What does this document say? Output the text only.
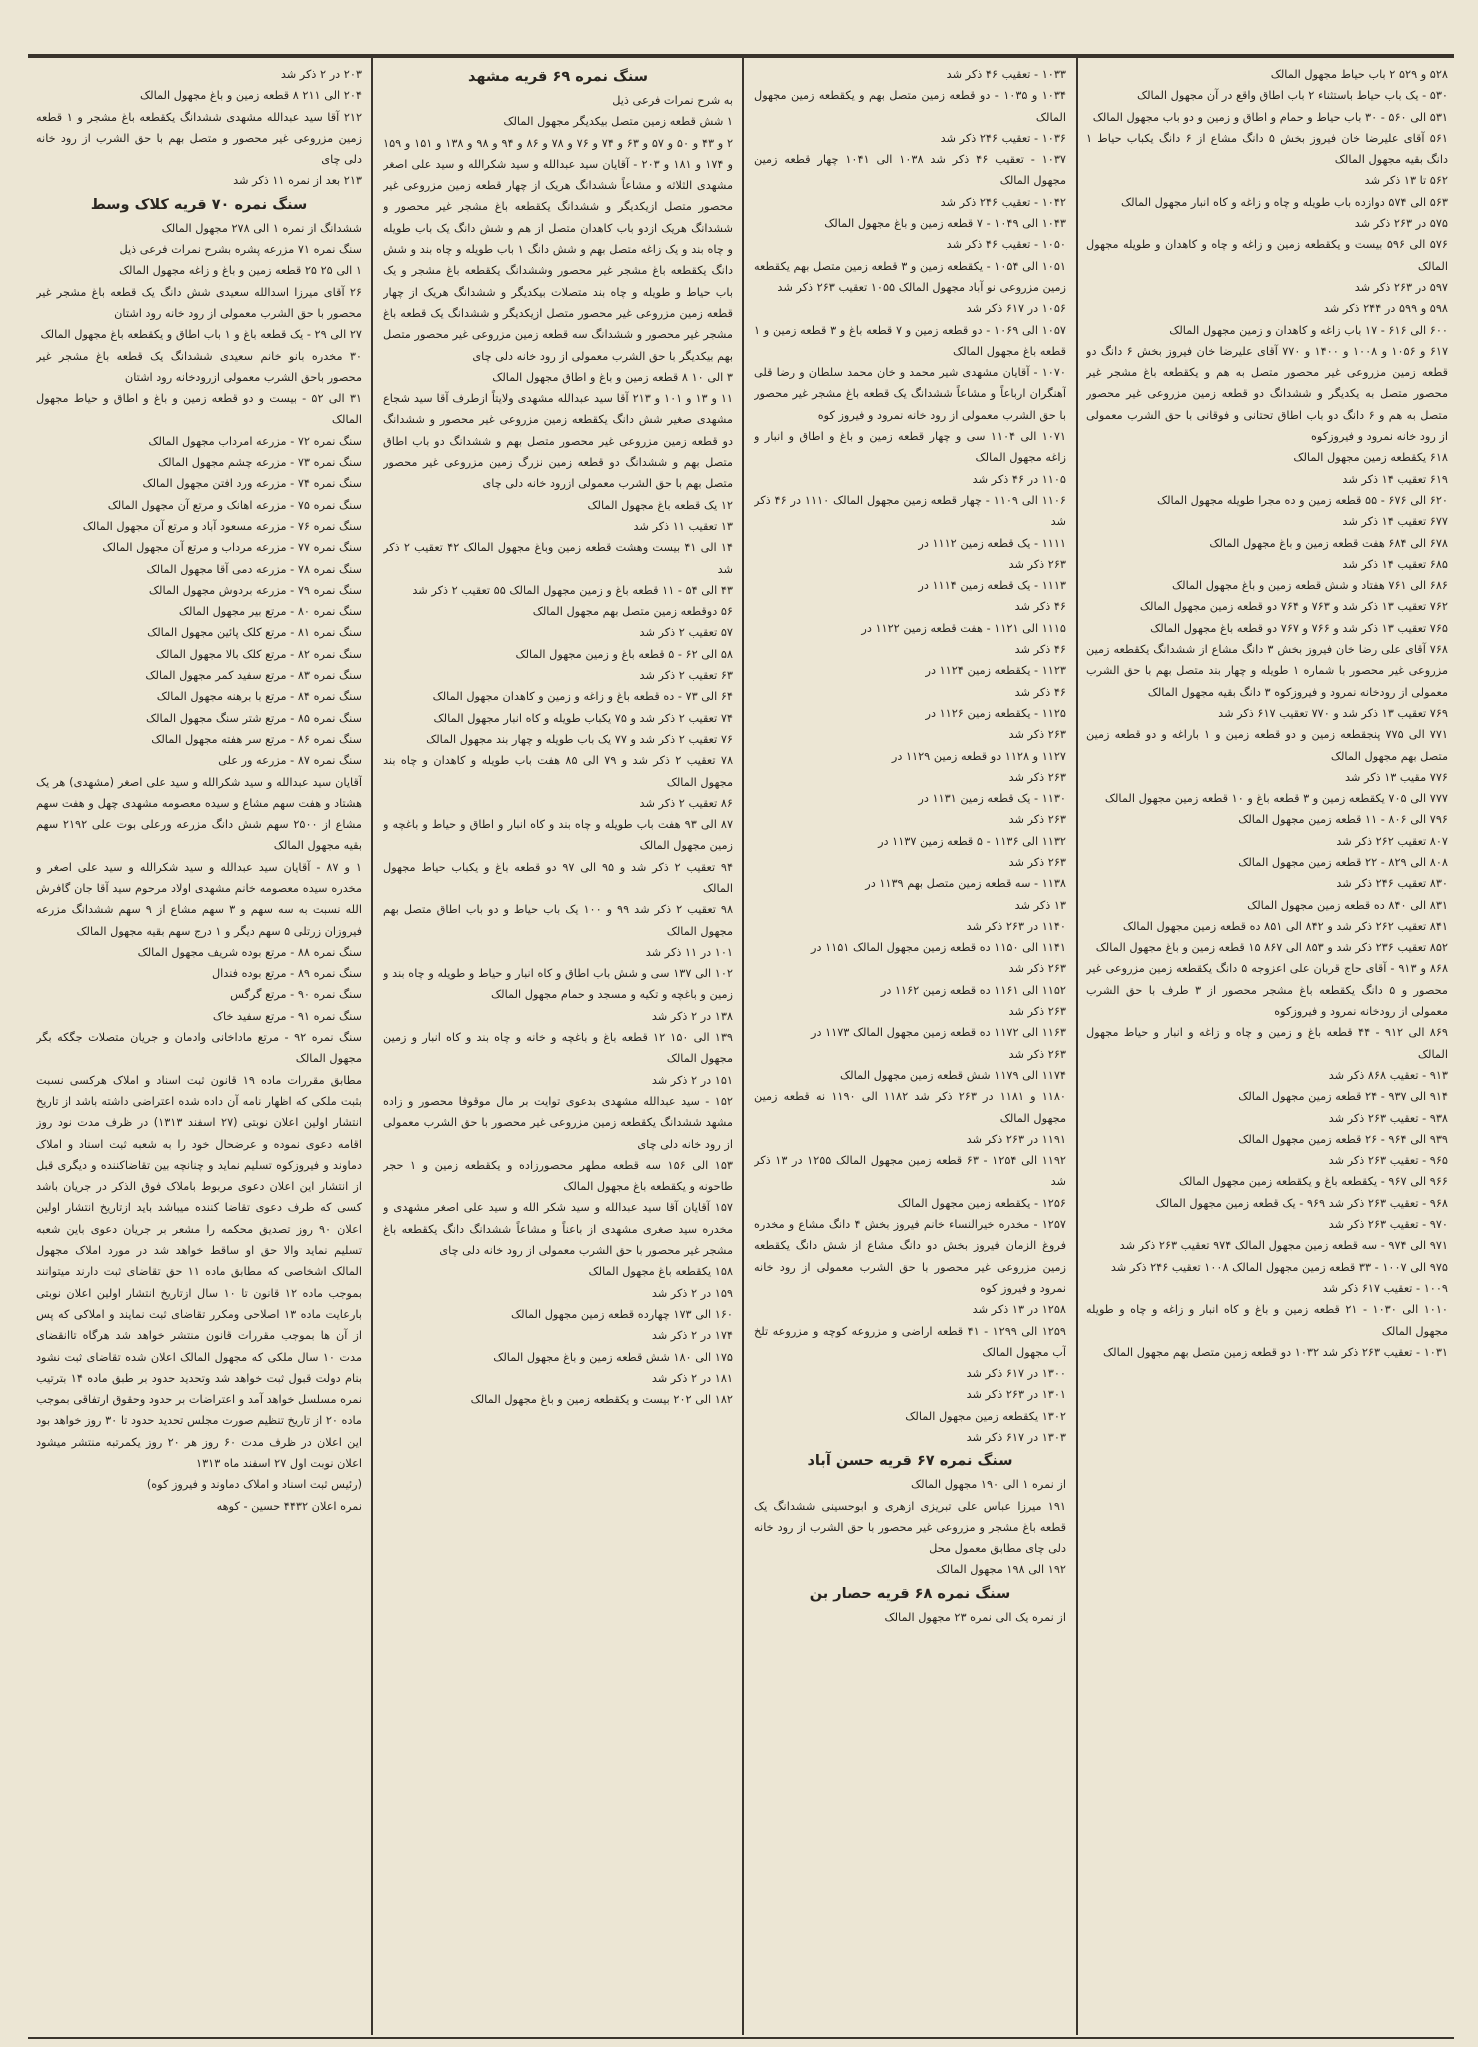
۵۲۸ و ۵۲۹ ۲ باب حیاط مجهول المالک

۵۳۰ - یک باب حیاط باستثناء ۲ باب اطاق واقع در آن مجهول المالک

۵۳۱ الی ۵۶۰ - ۳۰ باب حیاط و حمام و اطاق و زمین و دو باب مجهول المالک

۵۶۱ آقای علیرضا خان فیروز بخش ۵ دانگ مشاع از ۶ دانگ یکباب حیاط ۱ دانگ بقیه مجهول المالک

۵۶۲ تا ۱۳ ذکر شد

۵۶۳ الی ۵۷۴ دوازده باب طویله و چاه و زاغه و کاه انبار مجهول المالک

۵۷۵ در ۲۶۳ ذکر شد

۵۷۶ الی ۵۹۶ بیست و یکقطعه زمین و زاغه و چاه و کاهدان و طویله مجهول المالک

۵۹۷ در ۲۶۳ ذکر شد

۵۹۸ و ۵۹۹ در ۲۴۴ ذکر شد

۶۰۰ الی ۶۱۶ - ۱۷ باب زاغه و کاهدان و زمین مجهول المالک

۶۱۷ و ۱۰۵۶ و ۱۰۰۸ و ۱۴۰۰ و ۷۷۰ آقای علیرضا خان فیروز بخش ۶ دانگ دو قطعه زمین مزروعی غیر محصور متصل به هم و یکقطعه باغ مشجر غیر محصور متصل به یکدیگر و ششدانگ دو قطعه زمین مزروعی غیر محصور متصل به هم و ۶ دانگ دو باب اطاق تحتانی و فوقانی با حق الشرب معمولی از رود خانه نمرود و فیروزکوه

۶۱۸ یکقطعه زمین مجهول المالک

۶۱۹ تعقیب ۱۴ ذکر شد

۶۲۰ الی ۶۷۶ - ۵۵ قطعه زمین و ده مجرا طویله مجهول المالک

۶۷۷ تعقیب ۱۴ ذکر شد

۶۷۸ الی ۶۸۴ هفت قطعه زمین و باغ مجهول المالک

۶۸۵ تعقیب ۱۴ ذکر شد

۶۸۶ الی ۷۶۱ هفتاد و شش قطعه زمین و باغ مجهول المالک

۷۶۲ تعقیب ۱۳ ذکر شد و ۷۶۳ و ۷۶۴ دو قطعه زمین مجهول المالک

۷۶۵ تعقیب ۱۳ ذکر شد و ۷۶۶ و ۷۶۷ دو قطعه باغ مجهول المالک

۷۶۸ آقای علی رضا خان فیروز بخش ۳ دانگ مشاع از ششدانگ یکقطعه زمین مزروعی غیر محصور با شماره ۱ طویله و چهار بند متصل بهم با حق الشرب معمولی از رودخانه نمرود و فیروزکوه ۳ دانگ بقیه مجهول المالک

۷۶۹ تعقیب ۱۳ ذکر شد و ۷۷۰ تعقیب ۶۱۷ ذکر شد

۷۷۱ الی ۷۷۵ پنجقطعه زمین و دو قطعه زمین و ۱ باراغه و دو قطعه زمین متصل بهم مجهول المالک

۷۷۶ مقیب ۱۳ ذکر شد

۷۷۷ الی ۷۰۵ یکقطعه زمین و ۳ قطعه باغ و ۱۰ قطعه زمین مجهول المالک

۷۹۶ الی ۸۰۶ - ۱۱ قطعه زمین مجهول المالک

۸۰۷ تعقیب ۲۶۲ ذکر شد

۸۰۸ الی ۸۲۹ - ۲۲ قطعه زمین مجهول المالک

۸۳۰ تعقیب ۲۴۶ ذکر شد

۸۳۱ الی ۸۴۰ ده قطعه زمین مجهول المالک

۸۴۱ تعقیب ۲۶۲ ذکر شد و ۸۴۲ الی ۸۵۱ ده قطعه زمین مجهول المالک

۸۵۲ تعقیب ۲۳۶ ذکر شد و ۸۵۳ الی ۸۶۷ ۱۵ قطعه زمین و باغ مجهول المالک

۸۶۸ و ۹۱۳ - آقای حاج قربان علی اعزوجه ۵ دانگ یکقطعه زمین مزروعی غیر محصور و ۵ دانگ یکقطعه باغ مشجر محصور از ۳ طرف با حق الشرب معمولی از رودخانه نمرود و فیروزکوه

۸۶۹ الی ۹۱۲ - ۴۴ قطعه باغ و زمین و چاه و زاغه و انبار و حیاط مجهول المالک

۹۱۳ - تعقیب ۸۶۸ ذکر شد

۹۱۴ الی ۹۳۷ - ۲۴ قطعه زمین مجهول المالک

۹۳۸ - تعقیب ۲۶۳ ذکر شد

۹۳۹ الی ۹۶۴ - ۲۶ قطعه زمین مجهول المالک

۹۶۵ - تعقیب ۲۶۳ ذکر شد

۹۶۶ الی ۹۶۷ - یکقطعه باغ و یکقطعه زمین مجهول المالک

۹۶۸ - تعقیب ۲۶۳ ذکر شد ۹۶۹ - یک قطعه زمین مجهول المالک

۹۷۰ - تعقیب ۲۶۳ ذکر شد

۹۷۱ الی ۹۷۴ - سه قطعه زمین مجهول المالک ۹۷۴ تعقیب ۲۶۳ ذکر شد

۹۷۵ الی ۱۰۰۷ - ۳۳ قطعه زمین مجهول المالک ۱۰۰۸ تعقیب ۲۴۶ ذکر شد

۱۰۰۹ - تعقیب ۶۱۷ ذکر شد

۱۰۱۰ الی ۱۰۳۰ - ۲۱ قطعه زمین و باغ و کاه انبار و زاغه و چاه و طویله مجهول المالک

۱۰۳۱ - تعقیب ۲۶۳ ذکر شد ۱۰۳۲ دو قطعه زمین متصل بهم مجهول المالک

۱۰۳۳ - تعقیب ۴۶ ذکر شد

۱۰۳۴ و ۱۰۳۵ - دو قطعه زمین متصل بهم و یکقطعه زمین مجهول المالک

۱۰۳۶ - تعقیب ۲۴۶ ذکر شد

۱۰۳۷ - تعقیب ۴۶ ذکر شد ۱۰۳۸ الی ۱۰۴۱ چهار قطعه زمین مجهول المالک

۱۰۴۲ - تعقیب ۲۴۶ ذکر شد

۱۰۴۳ الی ۱۰۴۹ - ۷ قطعه زمین و باغ مجهول المالک

۱۰۵۰ - تعقیب ۴۶ ذکر شد

۱۰۵۱ الی ۱۰۵۴ - یکقطعه زمین و ۳ قطعه زمین متصل بهم یکقطعه زمین مزروعی نو آباد مجهول المالک ۱۰۵۵ تعقیب ۲۶۳ ذکر شد

۱۰۵۶ در ۶۱۷ ذکر شد

۱۰۵۷ الی ۱۰۶۹ - دو قطعه زمین و ۷ قطعه باغ و ۳ قطعه زمین و ۱ قطعه باغ مجهول المالک

۱۰۷۰ - آقایان مشهدی شیر محمد و خان محمد سلطان و رضا قلی آهنگران ارباعاً و مشاعاً ششدانگ یک قطعه باغ مشجر غیر محصور با حق الشرب معمولی از رود خانه نمرود و فیروز کوه

۱۰۷۱ الی ۱۱۰۴ سی و چهار قطعه زمین و باغ و اطاق و انبار و زاغه مجهول المالک

۱۱۰۵ در ۴۶ ذکر شد

۱۱۰۶ الی ۱۱۰۹ - چهار قطعه زمین مجهول المالک ۱۱۱۰ در ۴۶ ذکر شد

۱۱۱۱ - یک قطعه زمین ۱۱۱۲ در

۲۶۳ ذکر شد

۱۱۱۳ - یک قطعه زمین ۱۱۱۴ در

۴۶ ذکر شد

۱۱۱۵ الی ۱۱۲۱ - هفت قطعه زمین ۱۱۲۲ در

۴۶ ذکر شد

۱۱۲۳ - یکقطعه زمین ۱۱۲۴ در

۴۶ ذکر شد

۱۱۲۵ - یکقطعه زمین ۱۱۲۶ در

۲۶۳ ذکر شد

۱۱۲۷ و ۱۱۲۸ دو قطعه زمین ۱۱۲۹ در

۲۶۳ ذکر شد

۱۱۳۰ - یک قطعه زمین ۱۱۳۱ در

۲۶۳ ذکر شد

۱۱۳۲ الی ۱۱۳۶ - ۵ قطعه زمین ۱۱۳۷ در

۲۶۳ ذکر شد

۱۱۳۸ - سه قطعه زمین متصل بهم ۱۱۳۹ در

۱۳ ذکر شد

۱۱۴۰ در ۲۶۳ ذکر شد

۱۱۴۱ الی ۱۱۵۰ ده قطعه زمین مجهول المالک ۱۱۵۱ در

۲۶۳ ذکر شد

۱۱۵۲ الی ۱۱۶۱ ده قطعه زمین ۱۱۶۲ در

۲۶۳ ذکر شد

۱۱۶۳ الی ۱۱۷۲ ده قطعه زمین مجهول المالک ۱۱۷۳ در

۲۶۳ ذکر شد

۱۱۷۴ الی ۱۱۷۹ شش قطعه زمین مجهول المالک

۱۱۸۰ و ۱۱۸۱ در ۲۶۳ ذکر شد ۱۱۸۲ الی ۱۱۹۰ نه قطعه زمین مجهول المالک

۱۱۹۱ در ۲۶۳ ذکر شد

۱۱۹۲ الی ۱۲۵۴ - ۶۳ قطعه زمین مجهول المالک ۱۲۵۵ در ۱۳ ذکر شد

۱۲۵۶ - یکقطعه زمین مجهول المالک

۱۲۵۷ - مخدره خیرالنساء خانم فیروز بخش ۴ دانگ مشاع و مخدره فروغ الزمان فیروز بخش دو دانگ مشاع از شش دانگ یکقطعه زمین مزروعی غیر محصور با حق الشرب معمولی از رود خانه نمرود و فیروز کوه

۱۲۵۸ در ۱۳ ذکر شد

۱۲۵۹ الی ۱۲۹۹ - ۴۱ قطعه اراضی و مزروعه کوچه و مزروعه تلخ آب مجهول المالک

۱۳۰۰ در ۶۱۷ ذکر شد

۱۳۰۱ در ۲۶۳ ذکر شد

۱۳۰۲ یکقطعه زمین مجهول المالک

۱۳۰۳ در ۶۱۷ ذکر شد

سنگ نمره ۶۷ قریه حسن آباد

از نمره ۱ الی ۱۹۰ مجهول المالک

۱۹۱ میرزا عباس علی تبریزی ازهری و ابوحسینی ششدانگ یک قطعه باغ مشجر و مزروعی غیر محصور با حق الشرب از رود خانه دلی چای مطابق معمول محل

۱۹۲ الی ۱۹۸ مجهول المالک

سنگ نمره ۶۸ قریه حصار بن

از نمره یک الی نمره ۲۳ مجهول المالک

سنگ نمره ۶۹ قریه مشهد

به شرح نمرات فرعی ذیل

۱ شش قطعه زمین متصل بیکدیگر مجهول المالک

۲ و ۴۳ و ۵۰ و ۵۷ و ۶۳ و ۷۴ و ۷۶ و ۷۸ و ۸۶ و ۹۴ و ۹۸ و ۱۳۸ و ۱۵۱ و ۱۵۹ و ۱۷۴ و ۱۸۱ و ۲۰۳ - آقایان سید عبدالله و سید شکرالله و سید علی اصغر مشهدی الثلاثه و مشاعاً ششدانگ هریک از چهار قطعه زمین مزروعی غیر محصور متصل ازیکدیگر و ششدانگ یکقطعه باغ مشجر غیر محصور و ششدانگ هریک ازدو باب کاهدان متصل از هم و شش دانگ یک باب طویله و چاه بند و یک زاغه متصل بهم و شش دانگ ۱ باب طویله و چاه بند و شش دانگ یکقطعه باغ مشجر غیر محصور وششدانگ یکقطعه باغ مشجر و یک باب حیاط و طویله و چاه بند متصلات بیکدیگر و ششدانگ هریک از چهار قطعه زمین مزروعی غیر محصور متصل ازیکدیگر و ششدانگ یک قطعه باغ مشجر غیر محصور و ششدانگ سه قطعه زمین مزروعی غیر محصور متصل بهم بیکدیگر با حق الشرب معمولی از رود خانه دلی چای

۳ الی ۱۰ ۸ قطعه زمین و باغ و اطاق مجهول المالک

۱۱ و ۱۳ و ۱۰۱ و ۲۱۳ آقا سید عبدالله مشهدی ولایتاً ازطرف آقا سید شجاع مشهدی صغیر شش دانگ یکقطعه زمین مزروعی غیر محصور و ششدانگ دو قطعه زمین مزروعی غیر محصور متصل بهم و ششدانگ دو باب اطاق متصل بهم و ششدانگ دو قطعه زمین نزرگ زمین مزروعی غیر محصور متصل بهم با حق الشرب معمولی ازرود خانه دلی چای

۱۲ یک قطعه باغ مجهول المالک

۱۳ تعقیب ۱۱ ذکر شد

۱۴ الی ۴۱ بیست وهشت قطعه زمین وباغ مجهول المالک ۴۲ تعقیب ۲ ذکر شد

۴۳ الی ۵۴ - ۱۱ قطعه باغ و زمین مجهول المالک ۵۵ تعقیب ۲ ذکر شد

۵۶ دوقطعه زمین متصل بهم مجهول المالک

۵۷ تعقیب ۲ ذکر شد

۵۸ الی ۶۲ - ۵ قطعه باغ و زمین مجهول المالک

۶۳ تعقیب ۲ ذکر شد

۶۴ الی ۷۳ - ده قطعه باغ و زاغه و زمین و کاهدان مجهول المالک

۷۴ تعقیب ۲ ذکر شد و ۷۵ یکباب طویله و کاه انبار مجهول المالک

۷۶ تعقیب ۲ ذکر شد و ۷۷ یک باب طویله و چهار بند مجهول المالک

۷۸ تعقیب ۲ ذکر شد و ۷۹ الی ۸۵ هفت باب طویله و کاهدان و چاه بند مجهول المالک

۸۶ تعقیب ۲ ذکر شد

۸۷ الی ۹۳ هفت باب طویله و چاه بند و کاه انبار و اطاق و حیاط و باغچه و زمین مجهول المالک

۹۴ تعقیب ۲ ذکر شد و ۹۵ الی ۹۷ دو قطعه باغ و یکباب حیاط مجهول المالک

۹۸ تعقیب ۲ ذکر شد ۹۹ و ۱۰۰ یک باب حیاط و دو باب اطاق متصل بهم مجهول المالک

۱۰۱ در ۱۱ ذکر شد

۱۰۲ الی ۱۳۷ سی و شش باب اطاق و کاه انبار و حیاط و طویله و چاه بند و زمین و باغچه و تکیه و مسجد و حمام مجهول المالک

۱۳۸ در ۲ ذکر شد

۱۳۹ الی ۱۵۰ ۱۲ قطعه باغ و باغچه و خانه و چاه بند و کاه انبار و زمین مجهول المالک

۱۵۱ در ۲ ذکر شد

۱۵۲ - سید عبدالله مشهدی بدعوی توایت بر مال موقوفا محصور و زاده مشهد ششدانگ یکقطعه زمین مزروعی غیر محصور با حق الشرب معمولی از رود خانه دلی چای

۱۵۳ الی ۱۵۶ سه قطعه مطهر محصورزاده و یکقطعه زمین و ۱ حجر طاحونه و یکقطعه باغ مجهول المالک

۱۵۷ آقایان آقا سید عبدالله و سید شکر الله و سید علی اصغر مشهدی و مخدره سید صغری مشهدی از باعناً و مشاعاً ششدانگ دانگ یکقطعه باغ مشجر غیر محصور با حق الشرب معمولی از رود خانه دلی چای

۱۵۸ یکقطعه باغ مجهول المالک

۱۵۹ در ۲ ذکر شد

۱۶۰ الی ۱۷۳ چهارده قطعه زمین مجهول المالک

۱۷۴ در ۲ ذکر شد

۱۷۵ الی ۱۸۰ شش قطعه زمین و باغ مجهول المالک

۱۸۱ در ۲ ذکر شد

۱۸۲ الی ۲۰۲ بیست و یکقطعه زمین و باغ مجهول المالک

۲۰۳ در ۲ ذکر شد

۲۰۴ الی ۲۱۱ ۸ قطعه زمین و باغ مجهول المالک

۲۱۲ آقا سید عبدالله مشهدی ششدانگ یکقطعه باغ مشجر و ۱ قطعه زمین مزروعی غیر محصور و متصل بهم با حق الشرب از رود خانه دلی چای

۲۱۳ بعد از نمره ۱۱ ذکر شد

سنگ نمره ۷۰ قریه کلاک وسط

ششدانگ از نمره ۱ الی ۲۷۸ مجهول المالک

سنگ نمره ۷۱ مزرعه پشره بشرح نمرات فرعی ذیل

۱ الی ۲۵ ۲۵ قطعه زمین و باغ و زاغه مجهول المالک

۲۶ آقای میرزا اسدالله سعیدی شش دانگ یک قطعه باغ مشجر غیر محصور با حق الشرب معمولی از رود خانه رود اشتان

۲۷ الی ۲۹ - یک قطعه باغ و ۱ باب اطاق و یکقطعه باغ مجهول المالک

۳۰ مخدره بانو خانم سعیدی ششدانگ یک قطعه باغ مشجر غیر محصور باحق الشرب معمولی ازرودخانه رود اشتان

۳۱ الی ۵۲ - بیست و دو قطعه زمین و باغ و اطاق و حیاط مجهول المالک

سنگ نمره ۷۲ - مزرعه امرداب مجهول المالک

سنگ نمره ۷۳ - مزرعه چشم مجهول المالک

سنگ نمره ۷۴ - مزرعه ورد افتن مجهول المالک

سنگ نمره ۷۵ - مزرعه اهانک و مرتع آن مجهول المالک

سنگ نمره ۷۶ - مزرعه مسعود آباد و مرتع آن مجهول المالک

سنگ نمره ۷۷ - مزرعه مرداب و مرتع آن مجهول المالک

سنگ نمره ۷۸ - مزرعه دمی آقا مجهول المالک

سنگ نمره ۷۹ - مزرعه بردوش مجهول المالک

سنگ نمره ۸۰ - مرتع بیر مجهول المالک

سنگ نمره ۸۱ - مرتع کلک پائین مجهول المالک

سنگ نمره ۸۲ - مرتع کلک بالا مجهول المالک

سنگ نمره ۸۳ - مرتع سفید کمر مجهول المالک

سنگ نمره ۸۴ - مرتع با برهنه مجهول المالک

سنگ نمره ۸۵ - مرتع شتر سنگ مجهول المالک

سنگ نمره ۸۶ - مرتع سر هفته مجهول المالک

سنگ نمره ۸۷ - مزرعه ور علی

آقایان سید عبدالله و سید شکرالله و سید علی اصغر (مشهدی) هر یک هشتاد و هفت سهم مشاع و سیده معصومه مشهدی چهل و هفت سهم مشاع از ۲۵۰۰ سهم شش دانگ مزرعه ورعلی بوت علی ۲۱۹۲ سهم بقیه مجهول المالک

۱ و ۸۷ - آقایان سید عبدالله و سید شکرالله و سید علی اصغر و مخدره سیده معصومه خانم مشهدی اولاد مرحوم سید آقا جان گافرش الله نسبت به سه سهم و ۳ سهم مشاع از ۹ سهم ششدانگ مزرعه فیروزان زرتلی ۵ سهم دیگر و ۱ درج سهم بقیه مجهول المالک

سنگ نمره ۸۸ - مرتع بوده شریف مجهول المالک

سنگ نمره ۸۹ - مرتع بوده فندال

سنگ نمره ۹۰ - مرتع گرگس

سنگ نمره ۹۱ - مرتع سفید خاک

سنگ نمره ۹۲ - مرتع ماداخانی وادمان و جریان متصلات جگکه بگر مجهول المالک

مطابق مقررات ماده ۱۹ قانون ثبت اسناد و املاک هرکسی نسبت بثبت ملکی که اظهار نامه آن داده شده اعتراضی داشته باشد از تاریخ انتشار اولین اعلان نوبتی (۲۷ اسفند ۱۳۱۳) در ظرف مدت نود روز اقامه دعوی نموده و عرضحال خود را به شعبه ثبت اسناد و املاک دماوند و فیروزکوه تسلیم نماید و چنانچه بین تقاضاکننده و دیگری قبل از انتشار این اعلان دعوی مربوط باملاک فوق الذکر در جریان باشد کسی که طرف دعوی تقاضا کننده میباشد باید ازتاریخ انتشار اولین اعلان ۹۰ روز تصدیق محکمه را مشعر بر جریان دعوی باین شعبه تسلیم نماید والا حق او ساقط خواهد شد در مورد املاک مجهول المالک اشخاصی که مطابق ماده ۱۱ حق تقاضای ثبت دارند میتوانند بموجب ماده ۱۲ قانون تا ۱۰ سال ازتاریخ انتشار اولین اعلان نوبتی بارعایت ماده ۱۳ اصلاحی ومکرر تقاضای ثبت نمایند و املاکی که پس از آن ها بموجب مقررات قانون منتشر خواهد شد هرگاه تاانقضای مدت ۱۰ سال ملکی که مجهول المالک اعلان شده تقاضای ثبت نشود بنام دولت قبول ثبت خواهد شد وتحدید حدود بر طبق ماده ۱۴ بترتیب نمره مسلسل خواهد آمد و اعتراضات بر حدود وحقوق ارتفاقی بموجب ماده ۲۰ از تاریخ تنظیم صورت مجلس تحدید حدود تا ۳۰ روز خواهد بود

این اعلان در ظرف مدت ۶۰ روز هر ۲۰ روز یکمرتبه منتشر میشود اعلان نوبت اول ۲۷ اسفند ماه ۱۳۱۳

(رئیس ثبت اسناد و املاک دماوند و فیروز کوه)

نمره اعلان ۴۴۳۲ حسین - کوهه
